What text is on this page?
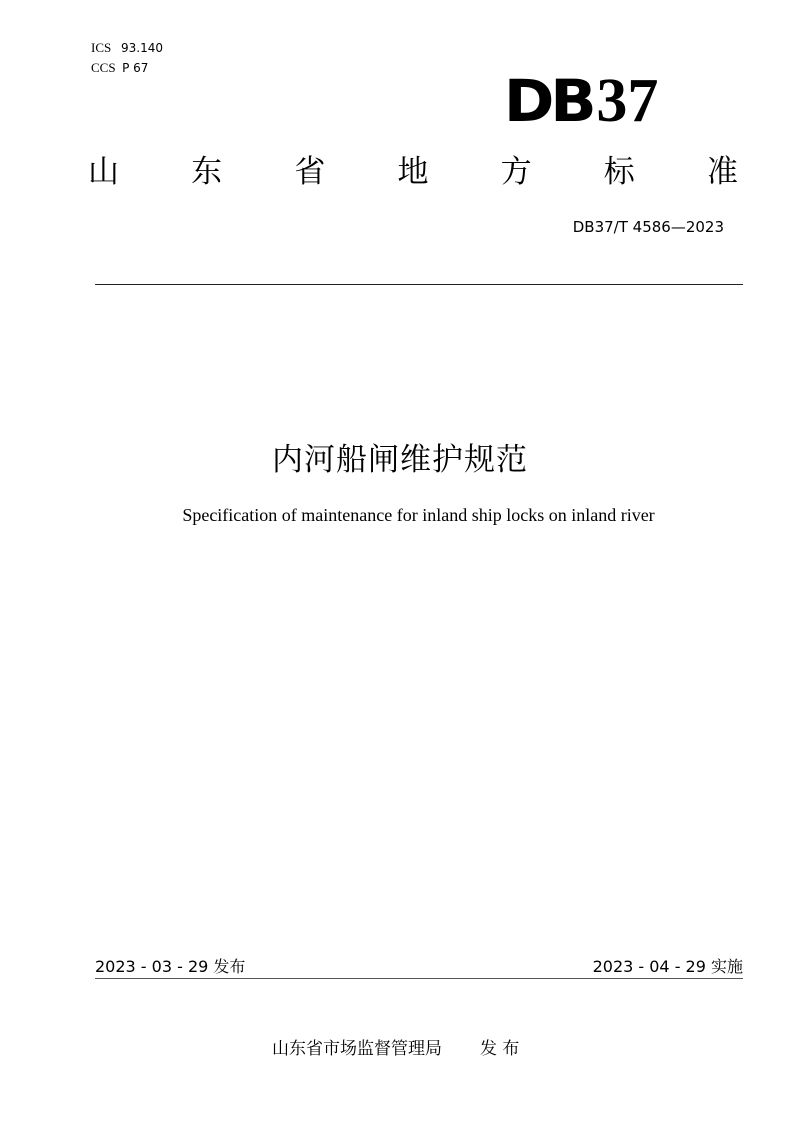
ICS 93.140
CCS P 67	DB 37
山 东 省 地 方 标 准
DB37/T 4586—2023
内河船闸维护规范
Specification of maintenance for inland ship locks on inland river
2023 - 03 - 29 发布	2023 - 04 - 29 实施
山东省市场监督管理局 发 布
